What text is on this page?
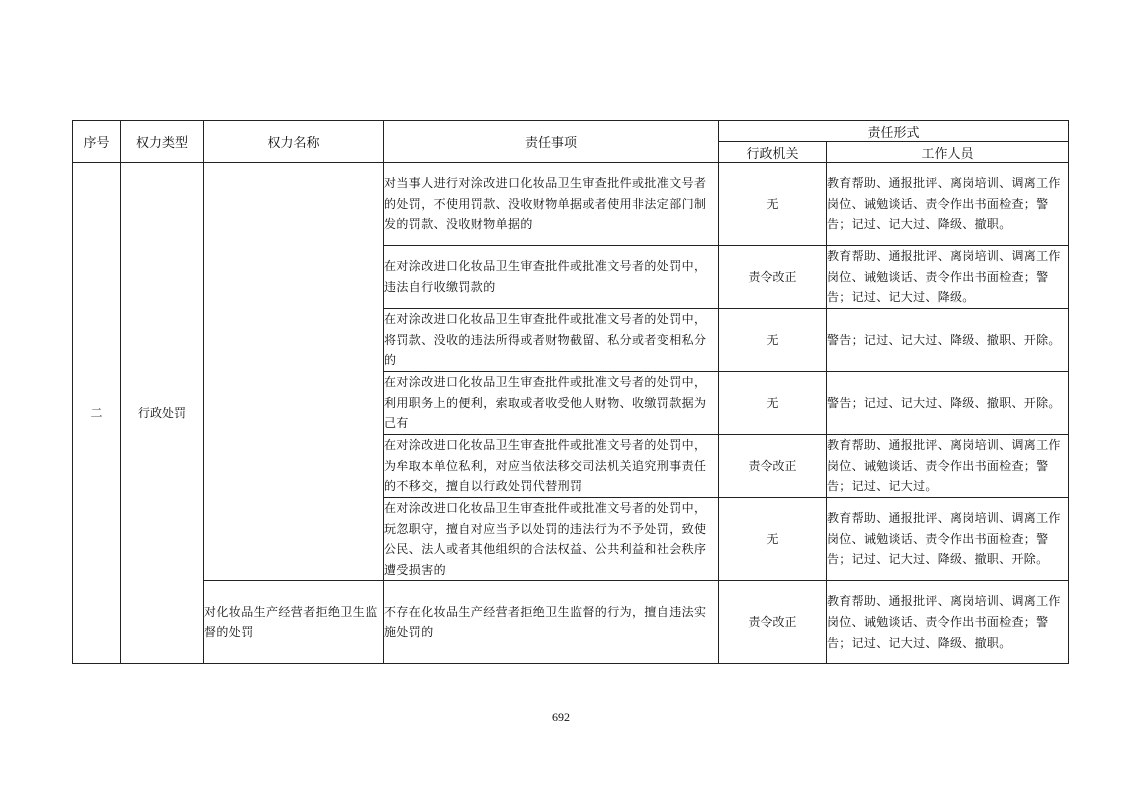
序号	权力类型	权力名称	责任事项	责任形式	
				行政机关	工作人员
二	行政处罚		对当事人进行对涂改进口化妆品卫生审查批件或批准文号者的处罚，不使用罚款、没收财物单据或者使用非法定部门制发的罚款、没收财物单据的	无	教育帮助、通报批评、离岗培训、调离工作岗位、诫勉谈话、责令作出书面检查；警告；记过、记大过、降级、撤职。
			在对涂改进口化妆品卫生审查批件或批准文号者的处罚中，违法自行收缴罚款的	责令改正	教育帮助、通报批评、离岗培训、调离工作岗位、诫勉谈话、责令作出书面检查；警告；记过、记大过、降级。
			在对涂改进口化妆品卫生审查批件或批准文号者的处罚中，将罚款、没收的违法所得或者财物截留、私分或者变相私分的	无	警告；记过、记大过、降级、撤职、开除。
			在对涂改进口化妆品卫生审查批件或批准文号者的处罚中，利用职务上的便利，索取或者收受他人财物、收缴罚款据为己有	无	警告；记过、记大过、降级、撤职、开除。
			在对涂改进口化妆品卫生审查批件或批准文号者的处罚中，为牟取本单位私利，对应当依法移交司法机关追究刑事责任的不移交，擅自以行政处罚代替刑罚	责令改正	教育帮助、通报批评、离岗培训、调离工作岗位、诫勉谈话、责令作出书面检查；警告；记过、记大过。
			在对涂改进口化妆品卫生审查批件或批准文号者的处罚中，玩忽职守，擅自对应当予以处罚的违法行为不予处罚，致使公民、法人或者其他组织的合法权益、公共利益和社会秩序遭受损害的	无	教育帮助、通报批评、离岗培训、调离工作岗位、诫勉谈话、责令作出书面检查；警告；记过、记大过、降级、撤职、开除。
		对化妆品生产经营者拒绝卫生监督的处罚	不存在化妆品生产经营者拒绝卫生监督的行为，擅自违法实施处罚的	责令改正	教育帮助、通报批评、离岗培训、调离工作岗位、诫勉谈话、责令作出书面检查；警告；记过、记大过、降级、撤职。
692
